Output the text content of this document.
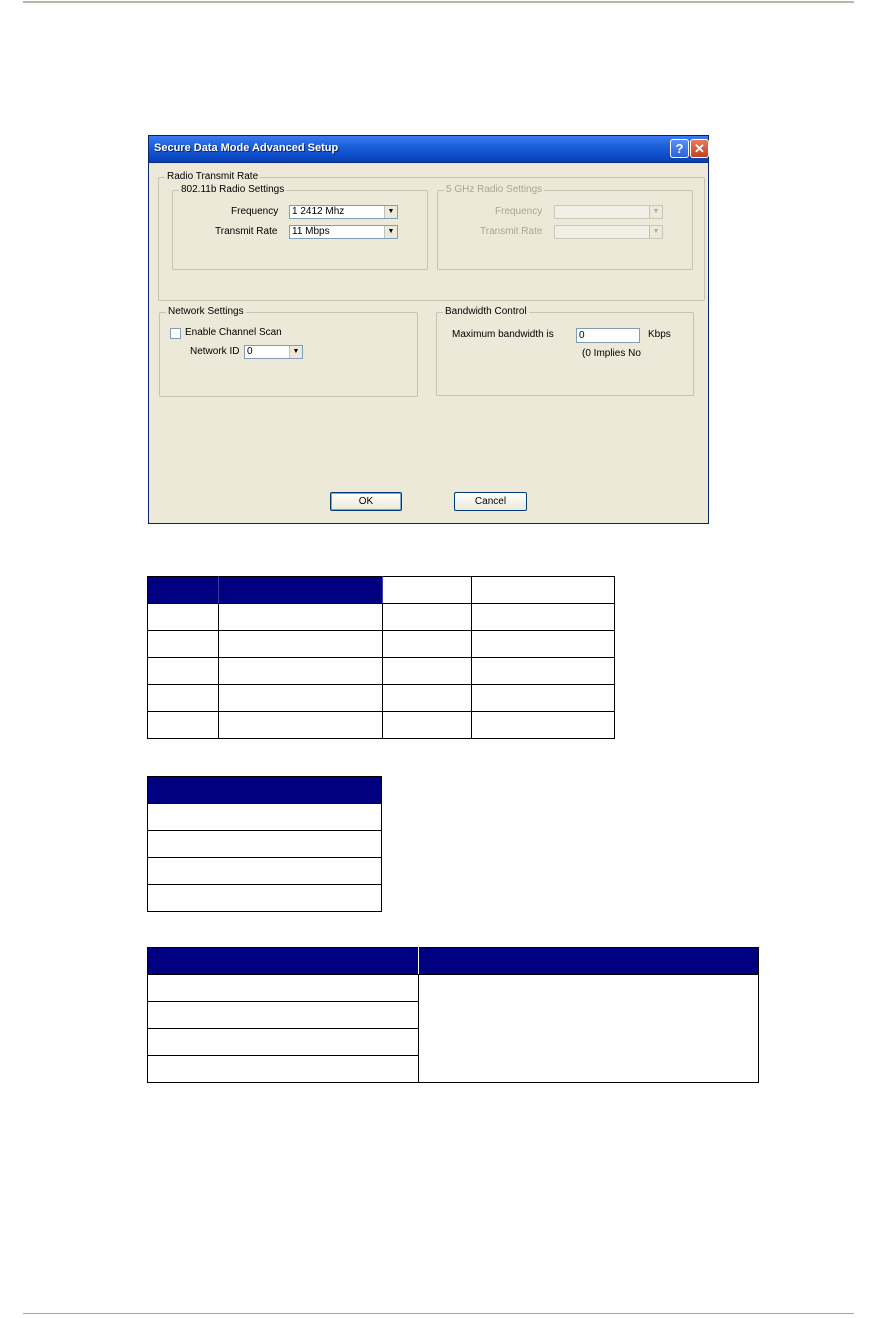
Secure Data Mode Advanced Setup	? ✕
Radio Transmit Rate
802.11b Radio Settings
Frequency	1 2412 Mhz	▼
Transmit Rate	11 Mbps	▼
5 GHz Radio Settings
Frequency	▼
Transmit Rate	▼
Network Settings
Enable Channel Scan
Network ID 0	▼
Bandwidth Control
Maximum bandwidth is	0	Kbps
(0 Implies No
OK	Cancel
